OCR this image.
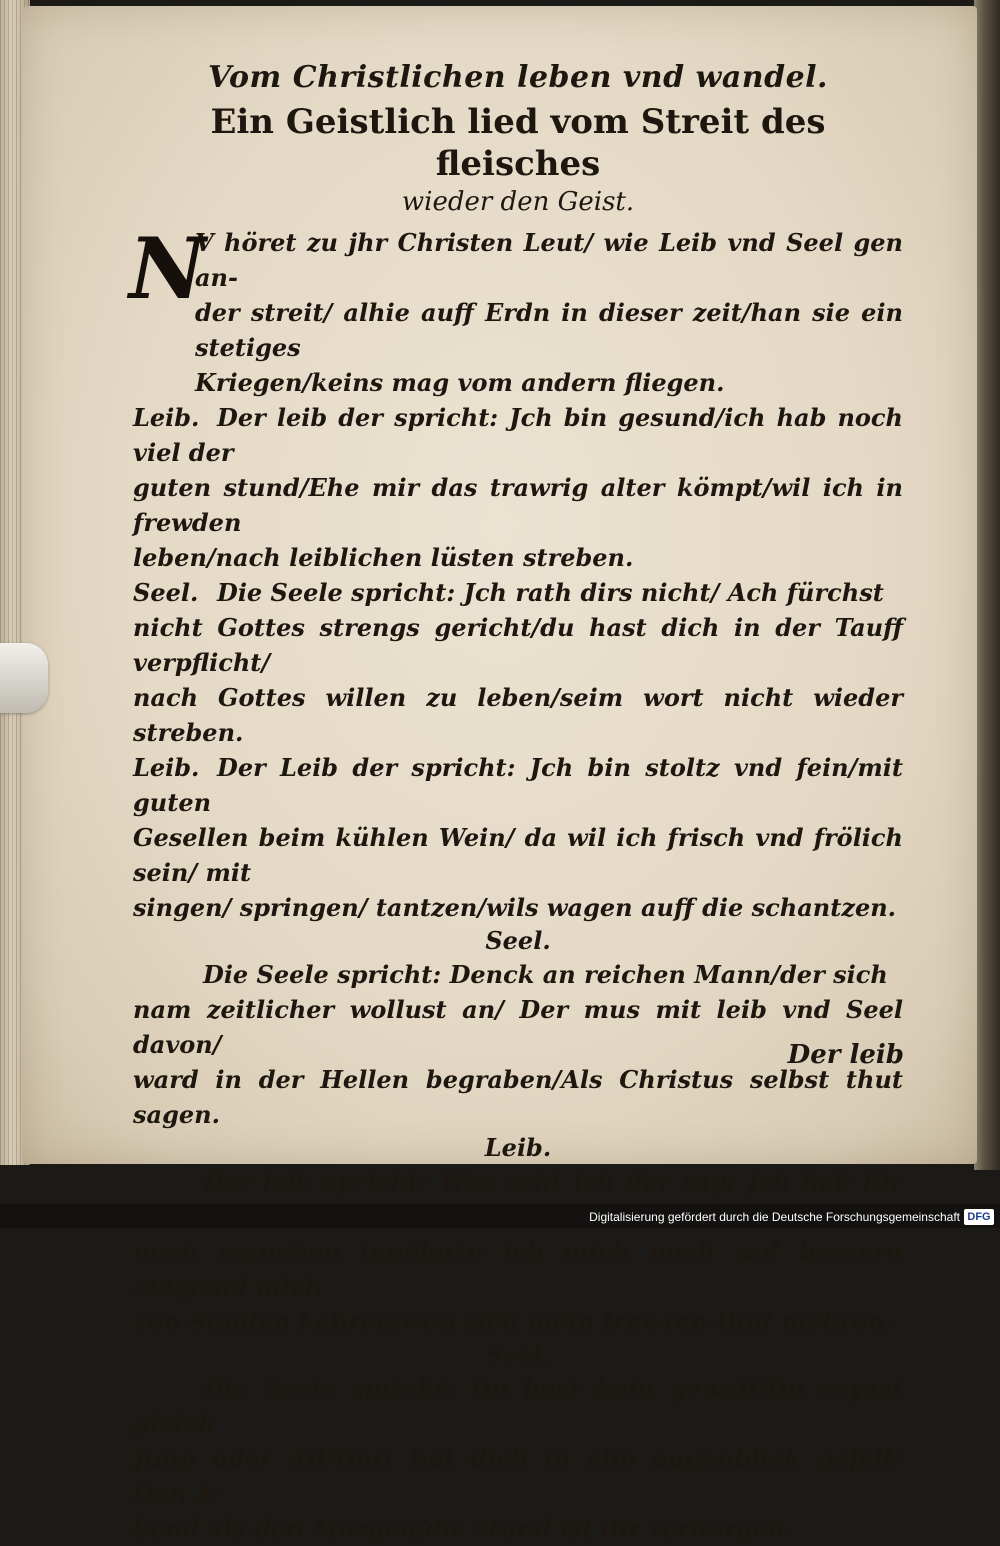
Vom Christlichen leben vnd wandel.
Ein Geistlich lied vom Streit des fleisches
wieder den Geist.
N
V höret zu jhr Christen Leut/ wie Leib vnd Seel gen an-
der streit/ alhie auff Erdn in dieser zeit/han sie ein stetiges
Kriegen/keins mag vom andern fliegen.
Leib. Der leib der spricht: Jch bin gesund/ich hab noch viel der
guten stund/Ehe mir das trawrig alter kömpt/wil ich in frewden
leben/nach leiblichen lüsten streben.
Seel. Die Seele spricht: Jch rath dirs nicht/ Ach fürchst
nicht Gottes strengs gericht/du hast dich in der Tauff verpflicht/
nach Gottes willen zu leben/seim wort nicht wieder streben.
Leib. Der Leib der spricht: Jch bin stoltz vnd fein/mit guten
Gesellen beim kühlen Wein/ da wil ich frisch vnd frölich sein/ mit
singen/ springen/ tantzen/wils wagen auff die schantzen.
Seel.
Die Seele spricht: Denck an reichen Mann/der sich
nam zeitlicher wollust an/ Der mus mit leib vnd Seel davon/
ward in der Hellen begraben/Als Christus selbst thut sagen.
Leib.
Der leib spricht: Was acht ich der sag/ Jch hab für
noch manchen tag/darin ich mich noch wol bessern mag/vnd mich
von Sünden kehren/wen sich mein trawren thut mehren.
Seel.
Die Seele spricht: Du hast kein gewalt/Du seyest gleich
Jung oder Alt/Gott hat dich in eim augenblick gefelt/ Den A-
bend als den Morgen/die stund ist dir verborgen.
Der leib
Digitalisierung gefördert durch die Deutsche Forschungsgemeinschaft DFG
